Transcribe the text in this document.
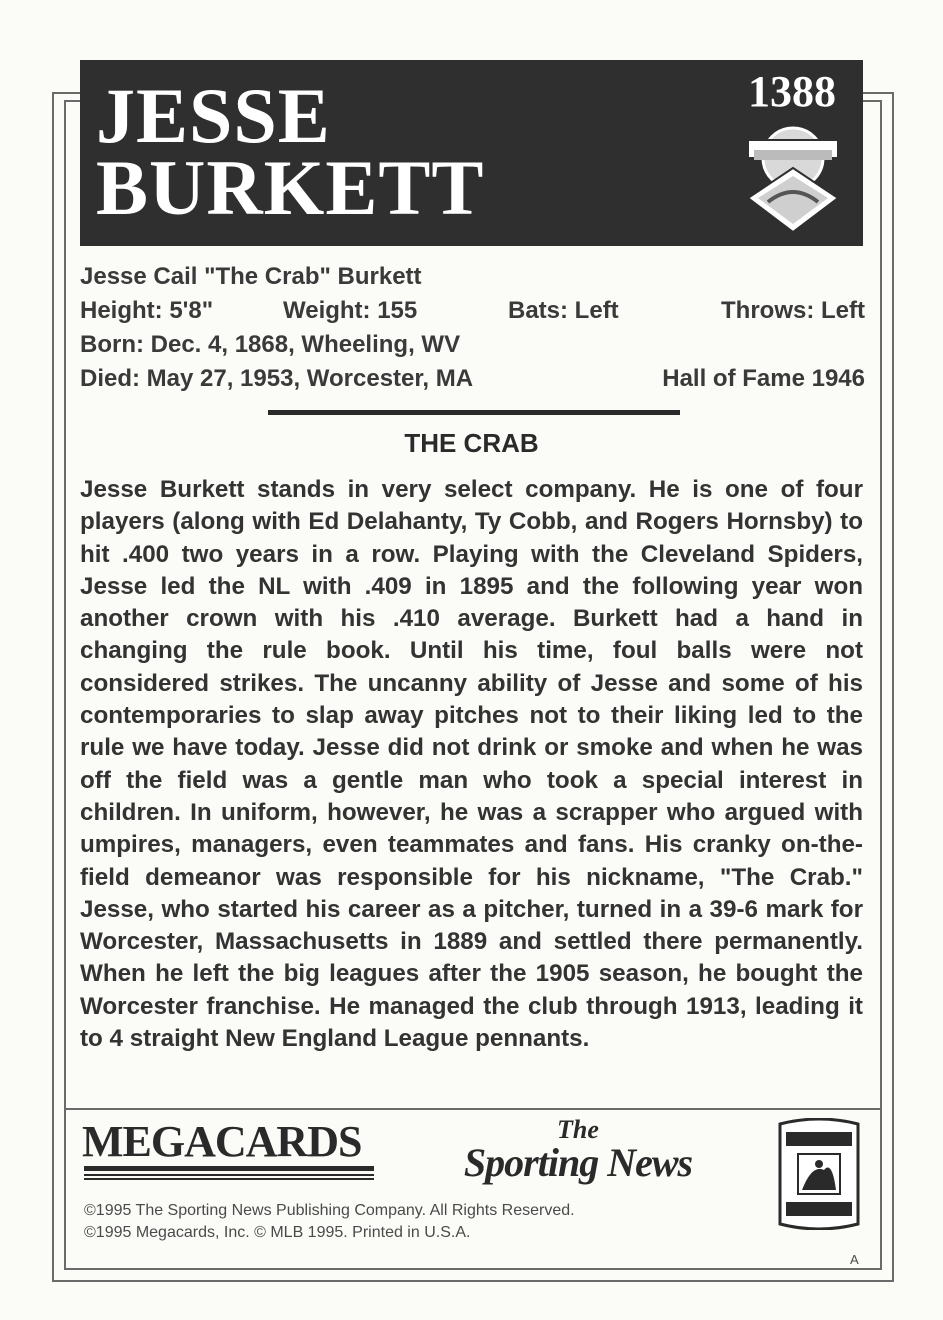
JESSE
BURKETT
1388
Jesse Cail "The Crab" Burkett
Height: 5'8"	Weight: 155	Bats: Left	Throws: Left
Born: Dec. 4, 1868, Wheeling, WV
Died: May 27, 1953, Worcester, MA	Hall of Fame 1946
THE CRAB
Jesse Burkett stands in very select company. He is one of four players (along with Ed Delahanty, Ty Cobb, and Rogers Hornsby) to hit .400 two years in a row. Playing with the Cleveland Spiders, Jesse led the NL with .409 in 1895 and the following year won another crown with his .410 average. Burkett had a hand in changing the rule book. Until his time, foul balls were not considered strikes. The uncanny ability of Jesse and some of his contemporaries to slap away pitches not to their liking led to the rule we have today. Jesse did not drink or smoke and when he was off the field was a gentle man who took a special interest in children. In uniform, however, he was a scrapper who argued with umpires, managers, even teammates and fans. His cranky on-the-field demeanor was responsible for his nickname, "The Crab." Jesse, who started his career as a pitcher, turned in a 39-6 mark for Worcester, Massachusetts in 1889 and settled there permanently. When he left the big leagues after the 1905 season, he bought the Worcester franchise. He managed the club through 1913, leading it to 4 straight New England League pennants.
MEGACARDS	The
Sporting News
©1995 The Sporting News Publishing Company. All Rights Reserved.
©1995 Megacards, Inc. © MLB 1995. Printed in U.S.A.
A
